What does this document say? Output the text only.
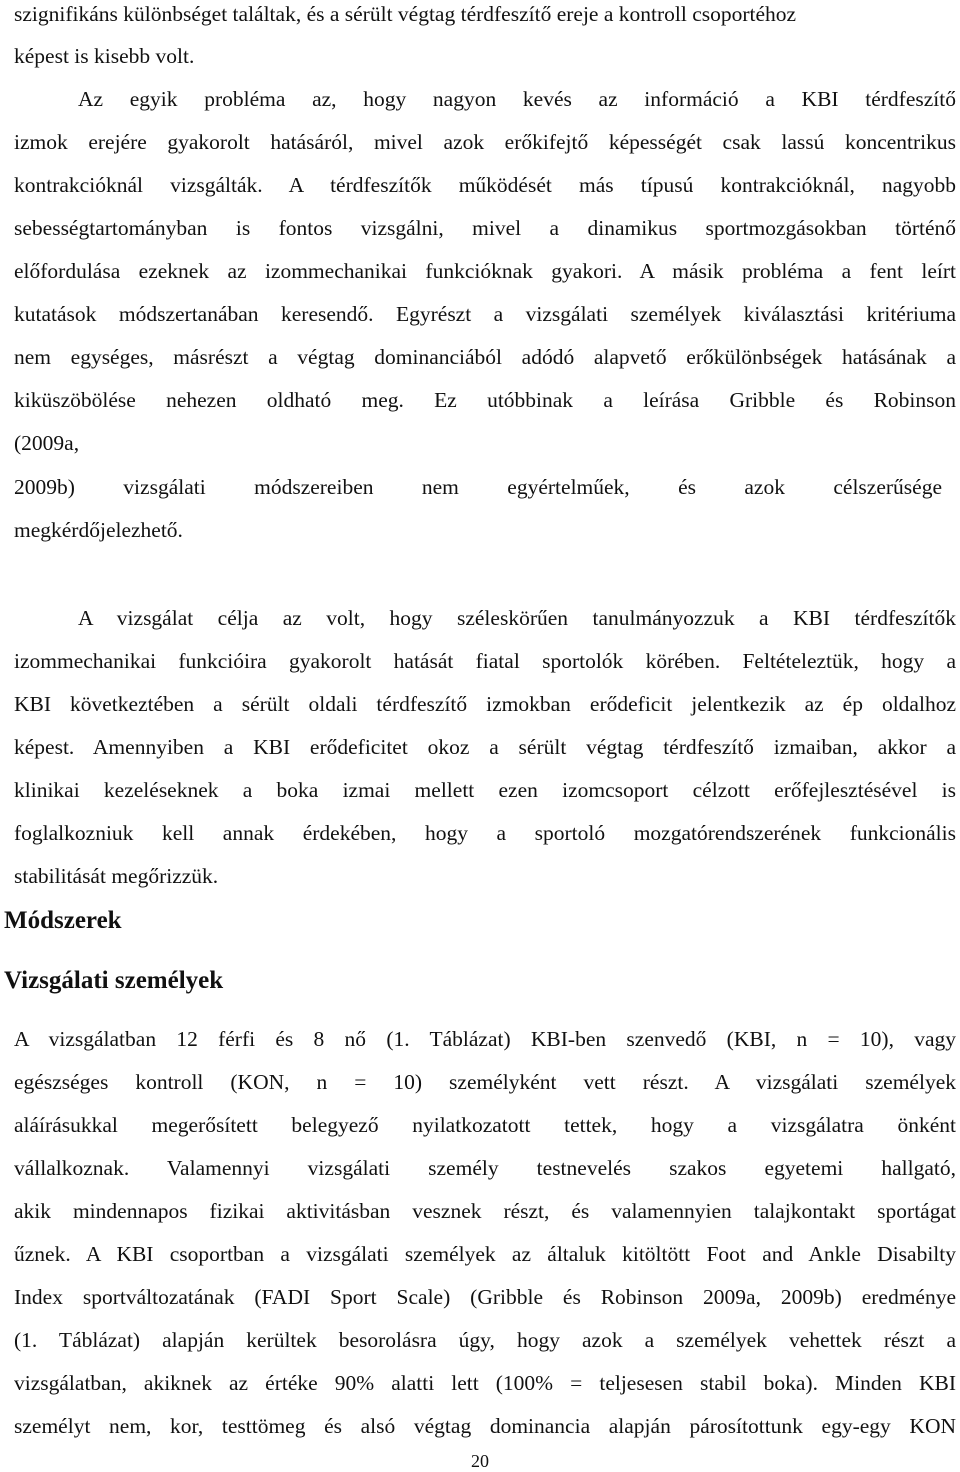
szignifikáns különbséget találtak, és a sérült végtag térdfeszítő ereje a kontroll csoportéhoz
képest is kisebb volt.
Az egyik probléma az, hogy nagyon kevés az információ a KBI térdfeszítő
izmok erejére gyakorolt hatásáról, mivel azok erőkifejtő képességét csak lassú koncentrikus
kontrakcióknál vizsgálták. A térdfeszítők működését más típusú kontrakcióknál, nagyobb
sebességtartományban is fontos vizsgálni, mivel a dinamikus sportmozgásokban történő
előfordulása ezeknek az izommechanikai funkcióknak gyakori. A másik probléma a fent leírt
kutatások módszertanában keresendő. Egyrészt a vizsgálati személyek kiválasztási kritériuma
nem egységes, másrészt a végtag dominanciából adódó alapvető erőkülönbségek hatásának a
kiküszöbölése nehezen oldható meg. Ez utóbbinak a leírása Gribble és Robinson
(2009a,
2009b) vizsgálati módszereiben nem egyértelműek, és azok célszerűsége
megkérdőjelezhető.
A vizsgálat célja az volt, hogy széleskörűen tanulmányozzuk a KBI térdfeszítők
izommechanikai funkcióira gyakorolt hatását fiatal sportolók körében. Feltételeztük, hogy a
KBI következtében a sérült oldali térdfeszítő izmokban erődeficit jelentkezik az ép oldalhoz
képest. Amennyiben a KBI erődeficitet okoz a sérült végtag térdfeszítő izmaiban, akkor a
klinikai kezeléseknek a boka izmai mellett ezen izomcsoport célzott erőfejlesztésével is
foglalkozniuk kell annak érdekében, hogy a sportoló mozgatórendszerének funkcionális
stabilitását megőrizzük.
Módszerek
Vizsgálati személyek
A vizsgálatban 12 férfi és 8 nő (1. Táblázat) KBI-ben szenvedő (KBI, n = 10), vagy
egészséges kontroll (KON, n = 10) személyként vett részt. A vizsgálati személyek
aláírásukkal megerősített belegyező nyilatkozatott tettek, hogy a vizsgálatra önként
vállalkoznak. Valamennyi vizsgálati személy testnevelés szakos egyetemi hallgató,
akik mindennapos fizikai aktivitásban vesznek részt, és valamennyien talajkontakt sportágat
űznek. A KBI csoportban a vizsgálati személyek az általuk kitöltött Foot and Ankle Disabilty
Index sportváltozatának (FADI Sport Scale) (Gribble és Robinson 2009a, 2009b) eredménye
(1. Táblázat) alapján kerültek besorolásra úgy, hogy azok a személyek vehettek részt a
vizsgálatban, akiknek az értéke 90% alatti lett (100% = teljesesen stabil boka). Minden KBI
személyt nem, kor, testtömeg és alsó végtag dominancia alapján párosítottunk egy-egy KON
20
